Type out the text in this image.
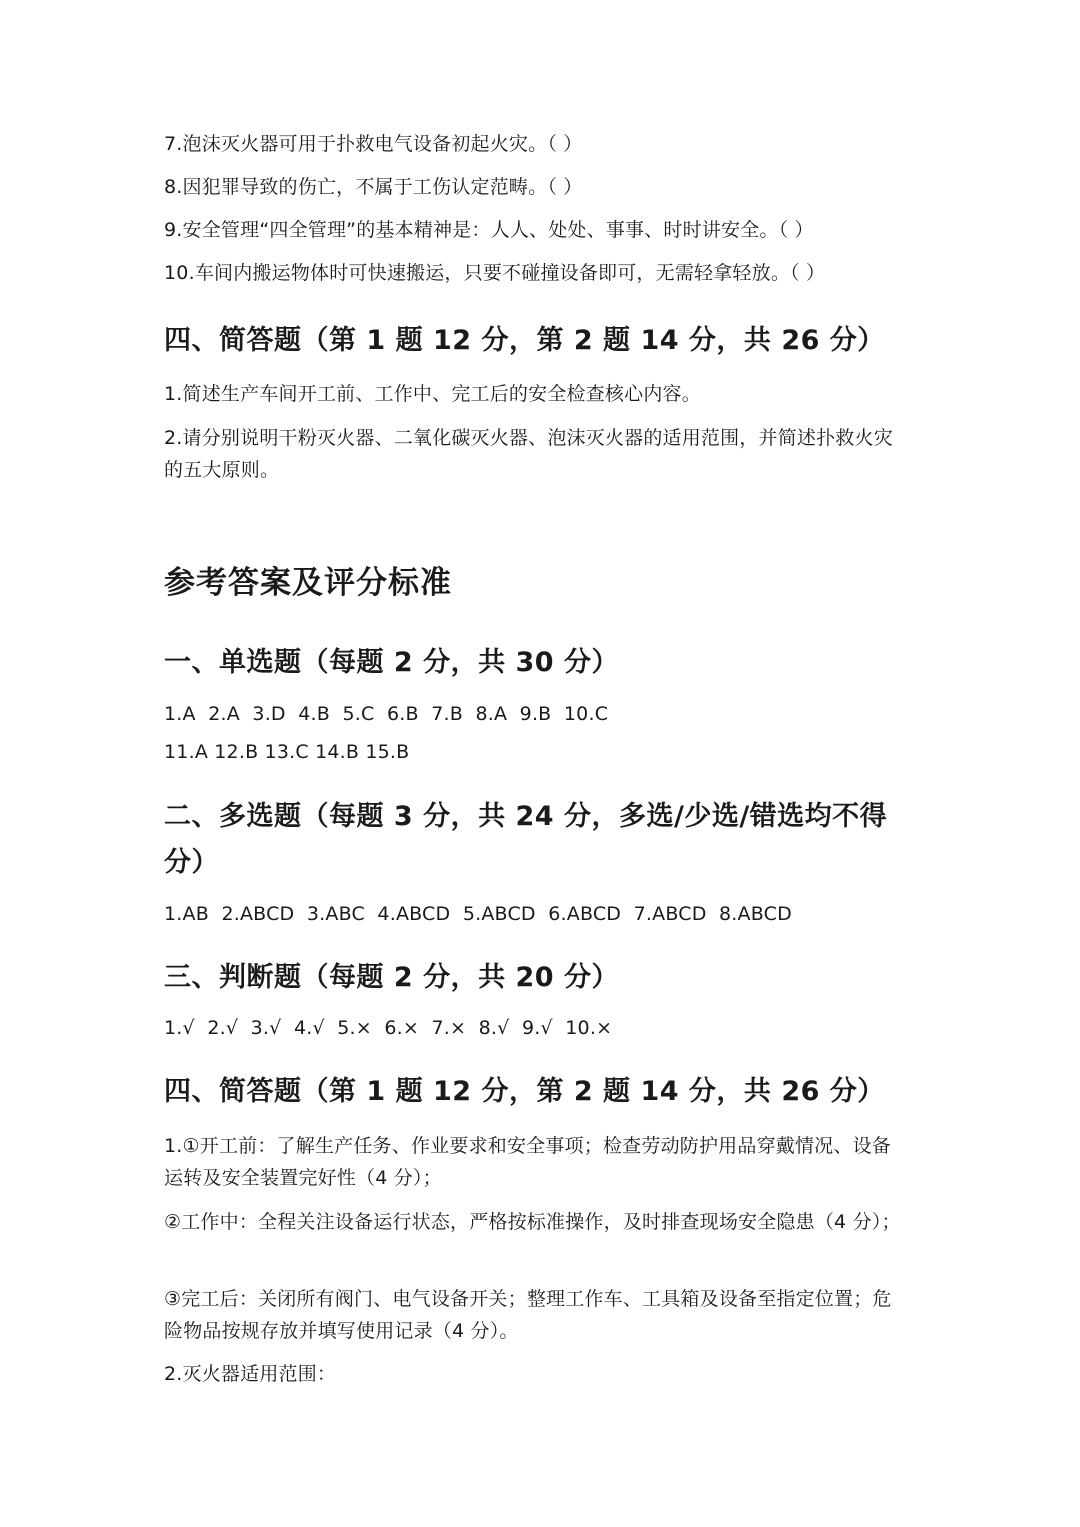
7.泡沫灭火器可用于扑救电气设备初起火灾。（ ）
8.因犯罪导致的伤亡，不属于工伤认定范畴。（ ）
9.安全管理“四全管理”的基本精神是：人人、处处、事事、时时讲安全。（ ）
10.车间内搬运物体时可快速搬运，只要不碰撞设备即可，无需轻拿轻放。（ ）
四、简答题（第 1 题 12 分，第 2 题 14 分，共 26 分）
1.简述生产车间开工前、工作中、完工后的安全检查核心内容。
2.请分别说明干粉灭火器、二氧化碳灭火器、泡沫灭火器的适用范围，并简述扑救火灾的五大原则。
参考答案及评分标准
一、单选题（每题 2 分，共 30 分）
1.A  2.A  3.D  4.B  5.C  6.B  7.B  8.A  9.B  10.C
11.A 12.B 13.C 14.B 15.B
二、多选题（每题 3 分，共 24 分，多选/少选/错选均不得分）
1.AB  2.ABCD  3.ABC  4.ABCD  5.ABCD  6.ABCD  7.ABCD  8.ABCD
三、判断题（每题 2 分，共 20 分）
1.√  2.√  3.√  4.√  5.×  6.×  7.×  8.√  9.√  10.×
四、简答题（第 1 题 12 分，第 2 题 14 分，共 26 分）
1.①开工前：了解生产任务、作业要求和安全事项；检查劳动防护用品穿戴情况、设备运转及安全装置完好性（4 分）；
②工作中：全程关注设备运行状态，严格按标准操作，及时排查现场安全隐患（4 分）；
③完工后：关闭所有阀门、电气设备开关；整理工作车、工具箱及设备至指定位置；危险物品按规存放并填写使用记录（4 分）。
2.灭火器适用范围：
